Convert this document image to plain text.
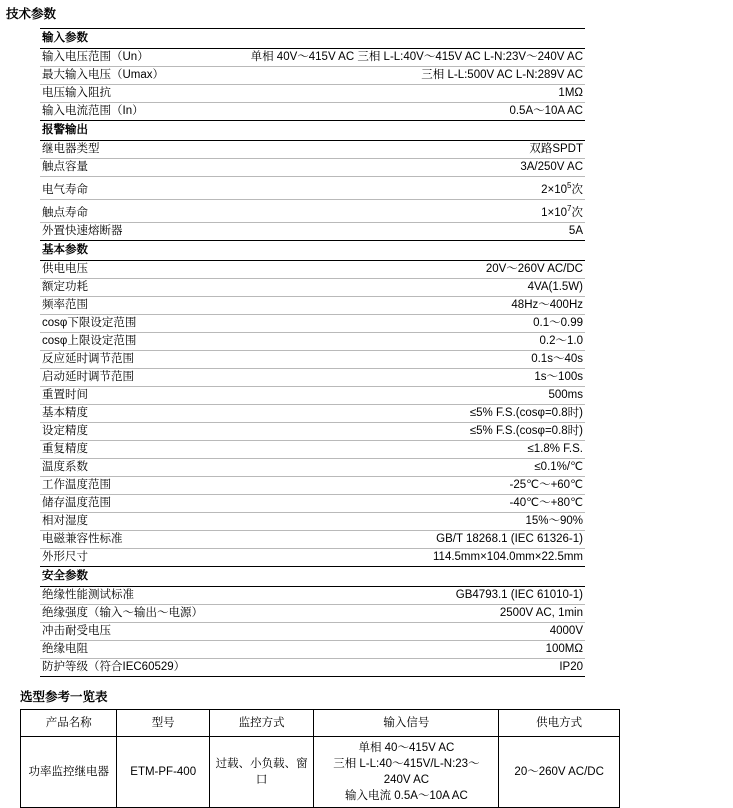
技术参数
输入参数	
输入电压范围（Un）	单相 40V～415V AC 三相 L-L:40V～415V AC L-N:23V～240V AC
最大输入电压（Umax）	三相 L-L:500V AC L-N:289V AC
电压输入阻抗	1MΩ
输入电流范围（In）	0.5A～10A AC
报警输出	
继电器类型	双路SPDT
触点容量	3A/250V AC
电气寿命	$2\times 10^5$次
触点寿命	$1\times 10^7$次
外置快速熔断器	5A
基本参数	
供电电压	20V～260V AC/DC
额定功耗	4VA(1.5W)
频率范围	48Hz～400Hz
cosφ下限设定范围	0.1～0.99
cosφ上限设定范围	0.2～1.0
反应延时调节范围	0.1s～40s
启动延时调节范围	1s～100s
重置时间	500ms
基本精度	≤5% F.S.(cosφ=0.8时)
设定精度	≤5% F.S.(cosφ=0.8时)
重复精度	≤1.8% F.S.
温度系数	≤0.1%/℃
工作温度范围	-25℃～+60℃
储存温度范围	-40℃～+80℃
相对湿度	15%～90%
电磁兼容性标准	GB/T 18268.1 (IEC 61326-1)
外形尺寸	114.5mm×104.0mm×22.5mm
安全参数	
绝缘性能测试标准	GB4793.1 (IEC 61010-1)
绝缘强度（输入～输出～电源）	2500V AC, 1min
冲击耐受电压	4000V
绝缘电阻	100MΩ
防护等级（符合IEC60529）	IP20
选型参考一览表
产品名称	型号	监控方式	输入信号	供电方式
功率监控继电器	ETM-PF-400	过载、小负载、窗口	单相 40～415V AC
三相 L-L:40～415V/L-N:23～
240V AC
输入电流 0.5A～10A AC	20～260V AC/DC
